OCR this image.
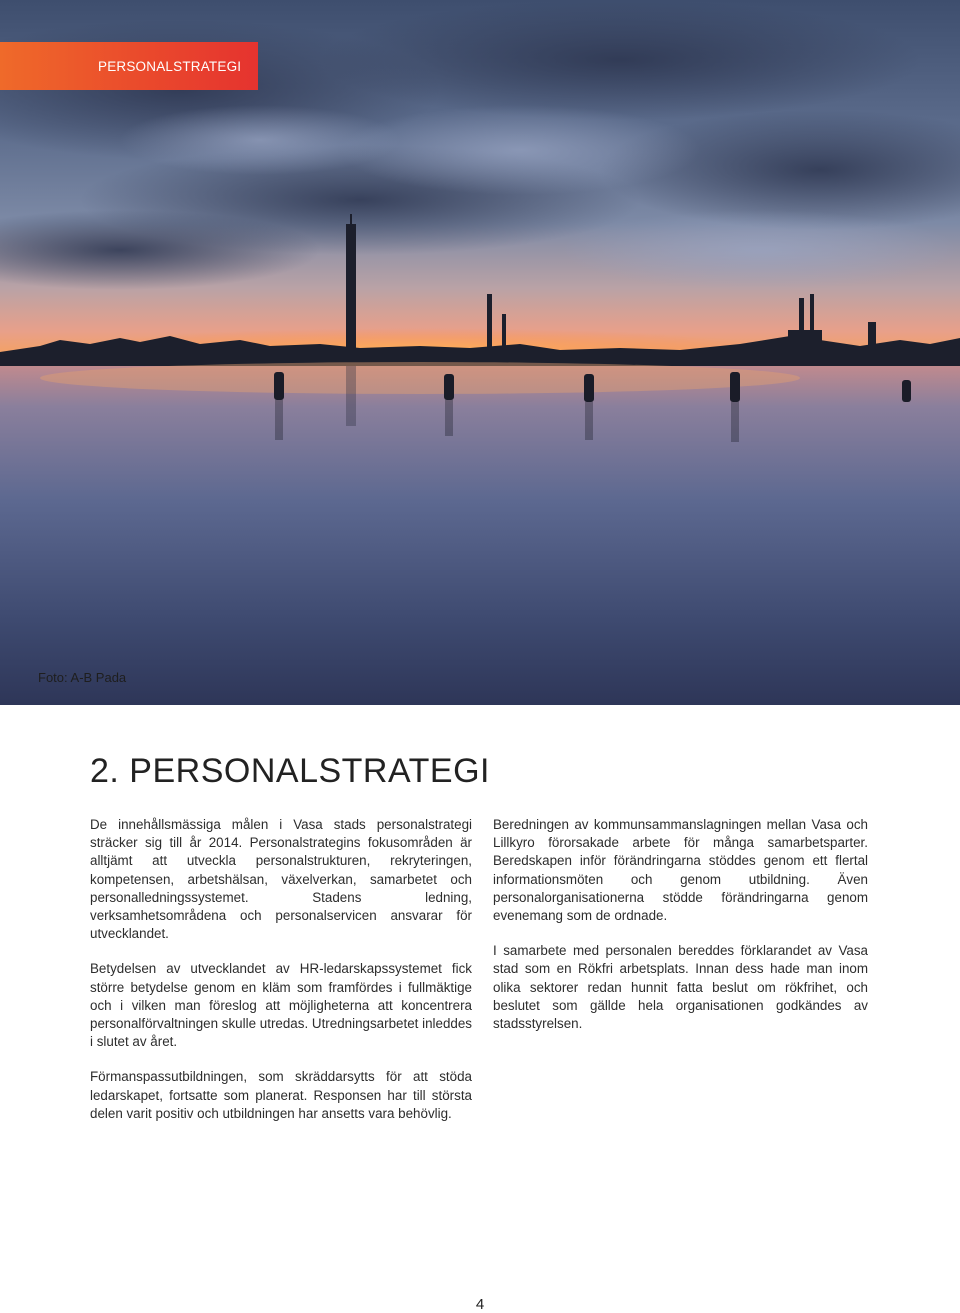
PERSONALSTRATEGI
Foto: A-B Pada
2. PERSONALSTRATEGI

De innehållsmässiga målen i Vasa stads personalstrategi sträcker sig till år 2014. Personalstrategins fokusområden är alltjämt att utveckla personalstrukturen, rekryteringen, kompetensen, arbetshälsan, växelverkan, samarbetet och personalledningssystemet. Stadens ledning, verksamhetsområdena och personalservicen ansvarar för utvecklandet.

Betydelsen av utvecklandet av HR-ledarskapssystemet fick större betydelse genom en kläm som framfördes i fullmäktige och i vilken man föreslog att möjligheterna att koncentrera personalförvaltningen skulle utredas. Utredningsarbetet inleddes i slutet av året.

Förmanspassutbildningen, som skräddarsytts för att stöda ledarskapet, fortsatte som planerat. Responsen har till största delen varit positiv och utbildningen har ansetts vara behövlig.

Beredningen av kommunsammanslagningen mellan Vasa och Lillkyro förorsakade arbete för många samarbetsparter. Beredskapen inför förändringarna stöddes genom ett flertal informationsmöten och genom utbildning. Även personalorganisationerna stödde förändringarna genom evenemang som de ordnade.

I samarbete med personalen bereddes förklarandet av Vasa stad som en Rökfri arbetsplats. Innan dess hade man inom olika sektorer redan hunnit fatta beslut om rökfrihet, och beslutet som gällde hela organisationen godkändes av stadsstyrelsen.

4
